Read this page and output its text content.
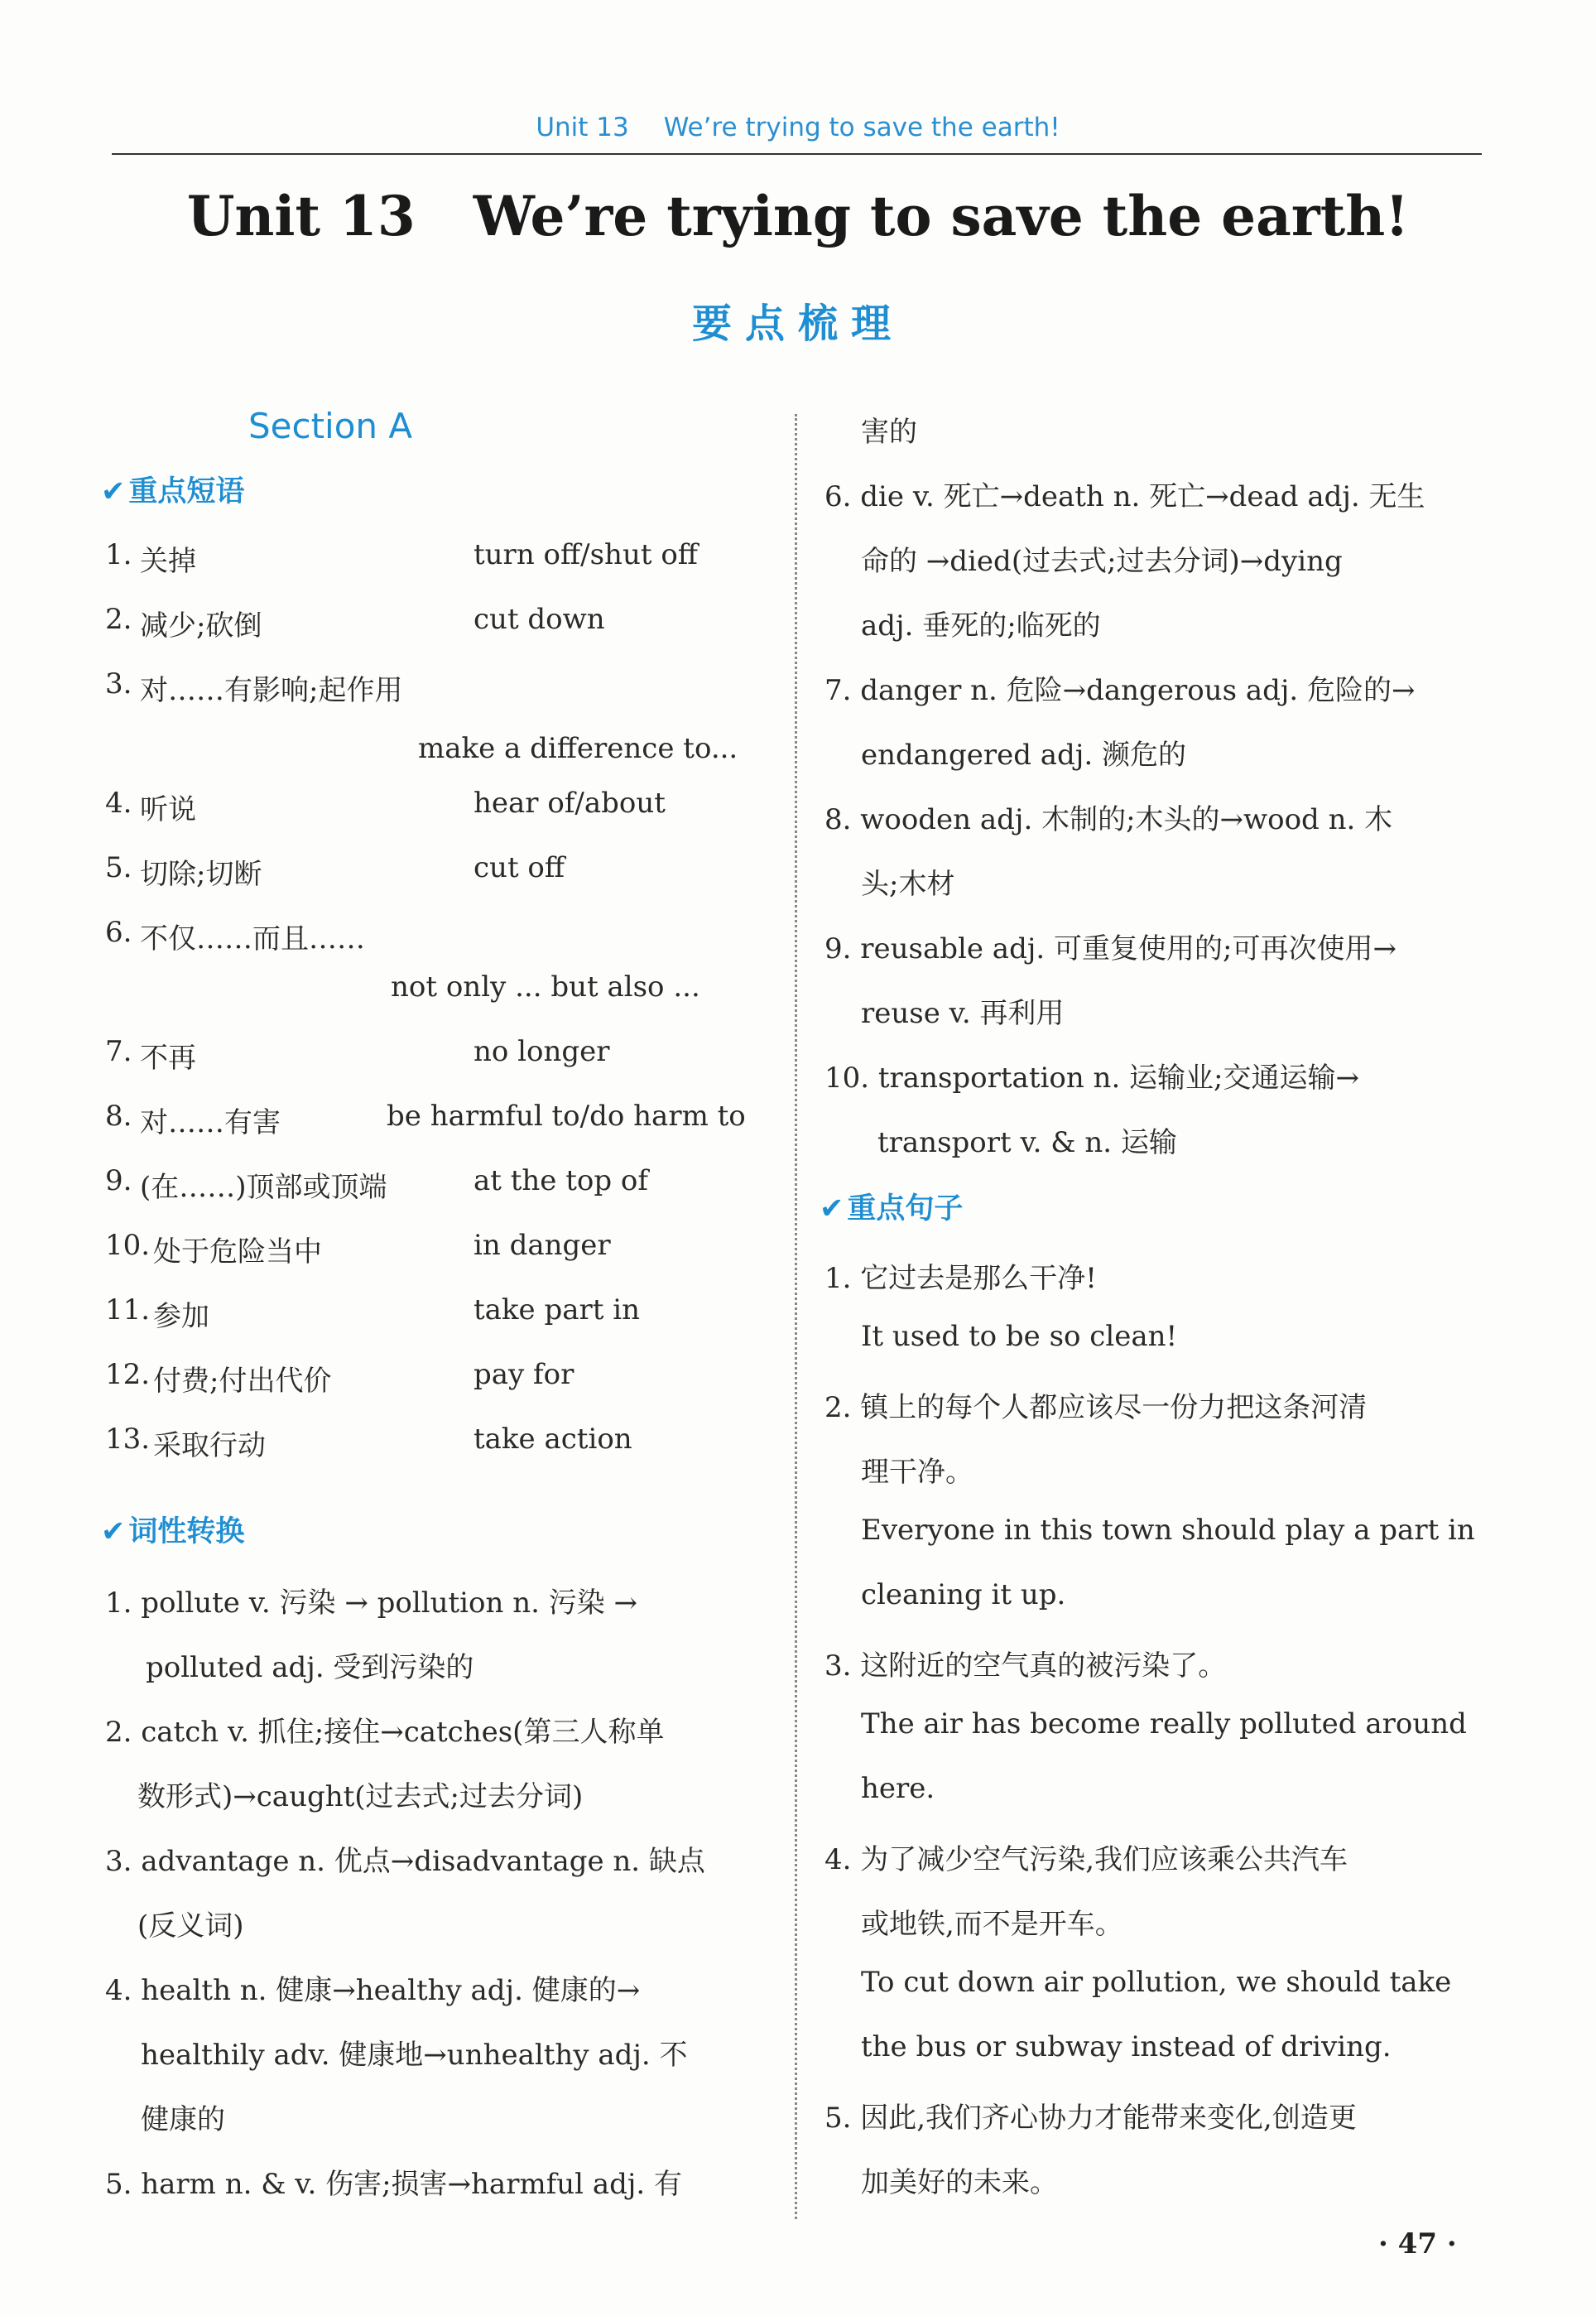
Unit 13 We’re trying to save the earth!
Unit 13 We’re trying to save the earth!
要点梳理
Section A
✔ 重点短语
1. 关掉	turn off/shut off
2. 减少;砍倒	cut down
3. 对……有影响;起作用
make a difference to...
4. 听说	hear of/about
5. 切除;切断	cut off
6. 不仅……而且……
not only ... but also ...
7. 不再	no longer
8. 对……有害	be harmful to/do harm to
9. (在……)顶部或顶端	at the top of
10. 处于危险当中	in danger
11. 参加	take part in
12. 付费;付出代价	pay for
13. 采取行动	take action
✔ 词性转换
1. pollute v. 污染 → pollution n. 污染 →
polluted adj. 受到污染的
2. catch v. 抓住;接住→catches(第三人称单
数形式)→caught(过去式;过去分词)
3. advantage n. 优点→disadvantage n. 缺点
(反义词)
4. health n. 健康→healthy adj. 健康的→
healthily adv. 健康地→unhealthy adj. 不
健康的
5. harm n. & v. 伤害;损害→harmful adj. 有
害的
6. die v. 死亡→death n. 死亡→dead adj. 无生
命的 →died(过去式;过去分词)→dying
adj. 垂死的;临死的
7. danger n. 危险→dangerous adj. 危险的→
endangered adj. 濒危的
8. wooden adj. 木制的;木头的→wood n. 木
头;木材
9. reusable adj. 可重复使用的;可再次使用→
reuse v. 再利用
10. transportation n. 运输业;交通运输→
transport v. & n. 运输
✔ 重点句子
1. 它过去是那么干净!
It used to be so clean!
2. 镇上的每个人都应该尽一份力把这条河清
理干净。
Everyone in this town should play a part in
cleaning it up.
3. 这附近的空气真的被污染了。
The air has become really polluted around
here.
4. 为了减少空气污染,我们应该乘公共汽车
或地铁,而不是开车。
To cut down air pollution, we should take
the bus or subway instead of driving.
5. 因此,我们齐心协力才能带来变化,创造更
加美好的未来。
· 47 ·
